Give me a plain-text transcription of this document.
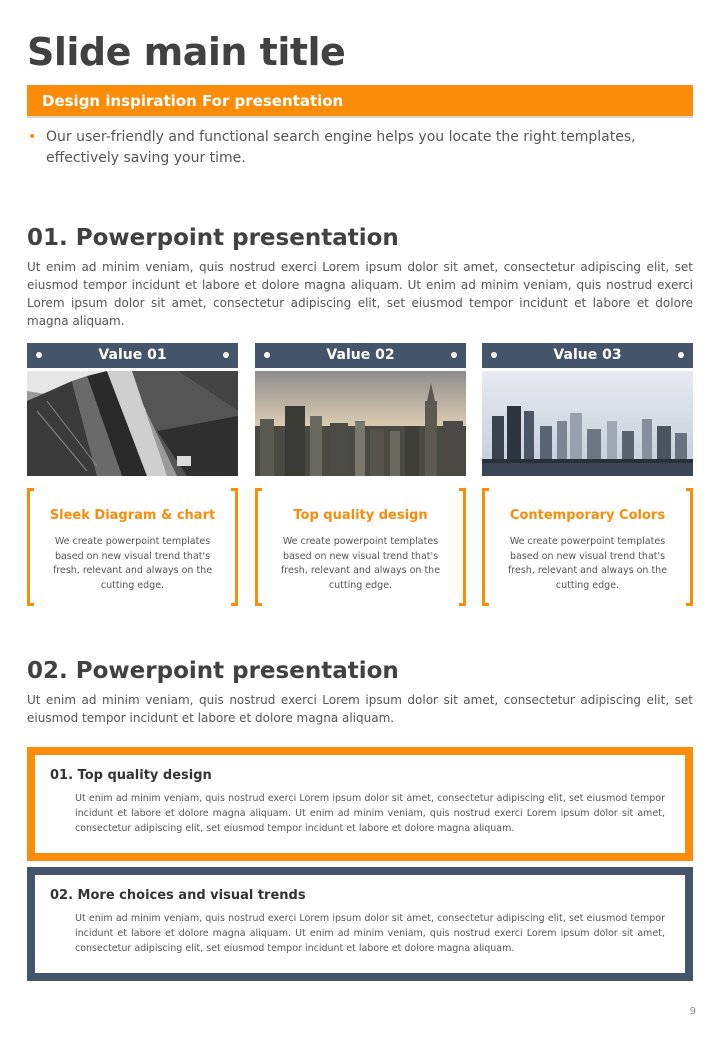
Slide main title
Design inspiration For presentation
• Our user-friendly and functional search engine helps you locate the right templates, effectively saving your time.
01. Powerpoint presentation
Ut enim ad minim veniam, quis nostrud exerci Lorem ipsum dolor sit amet, consectetur adipiscing elit, set eiusmod tempor incidunt et labore et dolore magna aliquam. Ut enim ad minim veniam, quis nostrud exerci Lorem ipsum dolor sit amet, consectetur adipiscing elit, set eiusmod tempor incidunt et labore et dolore magna aliquam.
Value 01	Value 02	Value 03
Sleek Diagram & chart
We create powerpoint templates based on new visual trend that's fresh, relevant and always on the cutting edge.
Top quality design
We create powerpoint templates based on new visual trend that's fresh, relevant and always on the cutting edge.
Contemporary Colors
We create powerpoint templates based on new visual trend that's fresh, relevant and always on the cutting edge.
02. Powerpoint presentation
Ut enim ad minim veniam, quis nostrud exerci Lorem ipsum dolor sit amet, consectetur adipiscing elit, set eiusmod tempor incidunt et labore et dolore magna aliquam.
01. Top quality design
Ut enim ad minim veniam, quis nostrud exerci Lorem ipsum dolor sit amet, consectetur adipiscing elit, set eiusmod tempor incidunt et labore et dolore magna aliquam. Ut enim ad minim veniam, quis nostrud exerci Lorem ipsum dolor sit amet, consectetur adipiscing elit, set eiusmod tempor incidunt et labore et dolore magna aliquam.
02. More choices and visual trends
Ut enim ad minim veniam, quis nostrud exerci Lorem ipsum dolor sit amet, consectetur adipiscing elit, set eiusmod tempor incidunt et labore et dolore magna aliquam. Ut enim ad minim veniam, quis nostrud exerci Lorem ipsum dolor sit amet, consectetur adipiscing elit, set eiusmod tempor incidunt et labore et dolore magna aliquam.
9
